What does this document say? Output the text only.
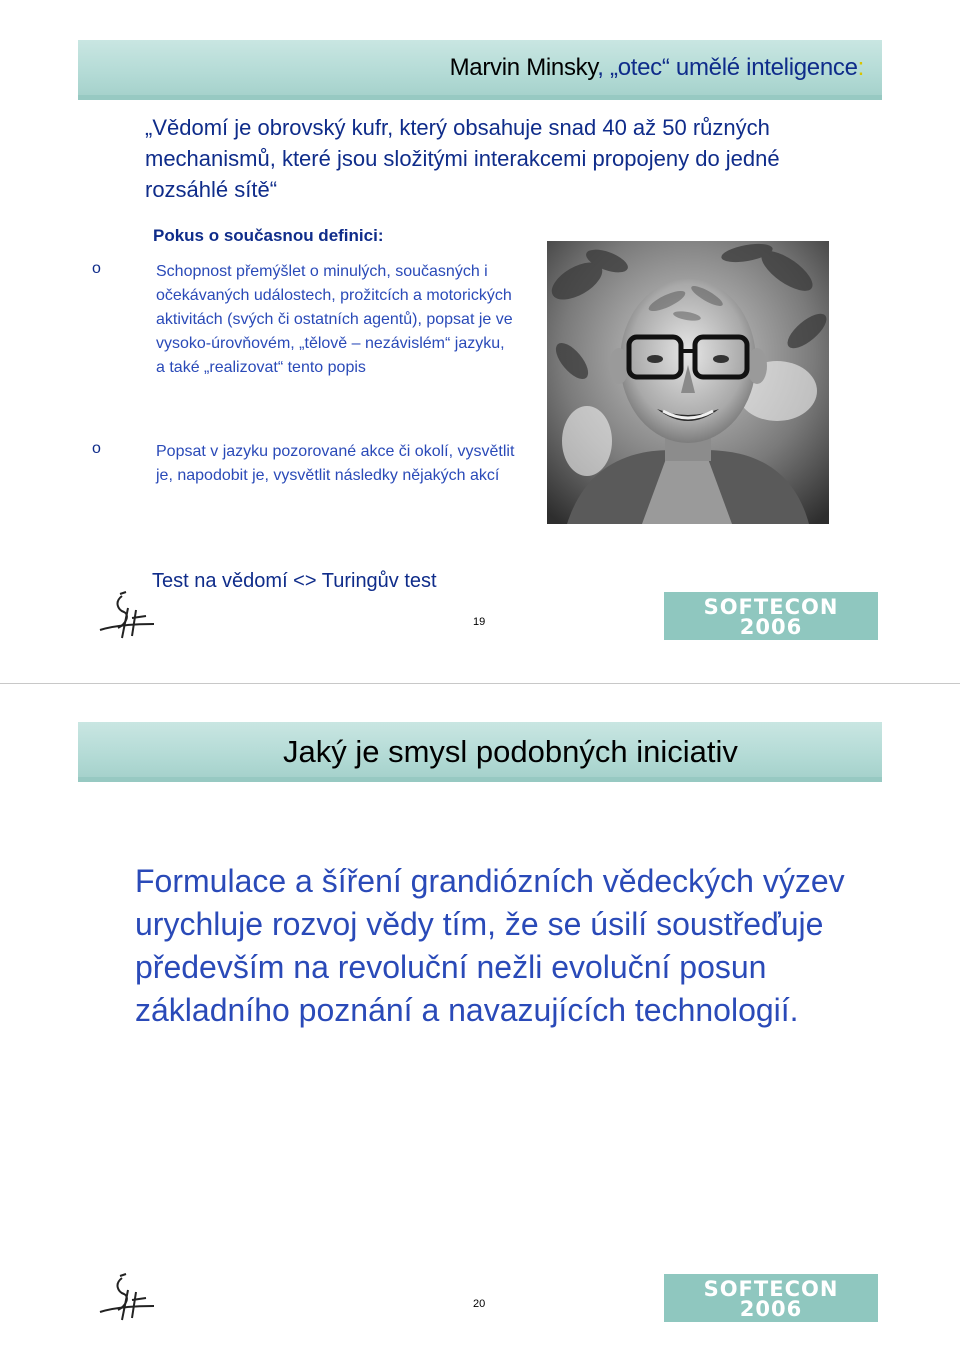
Marvin Minsky, „otec“ umělé inteligence:
„Vědomí je obrovský kufr, který obsahuje snad 40 až 50 různých mechanismů, které jsou složitými interakcemi propojeny do jedné rozsáhlé sítě“
Pokus o současnou definici:
o	Schopnost přemýšlet o minulých, současných i očekávaných událostech, prožitcích a motorických aktivitách (svých či ostatních agentů), popsat je ve vysoko-úrovňovém, „tělově – nezávislém“ jazyku, a také „realizovat“ tento popis
o	Popsat v jazyku pozorované akce či okolí, vysvětlit je, napodobit je, vysvětlit následky nějakých akcí
Test na vědomí <> Turingův test
19
SOFTECON
2006
Jaký je smysl podobných iniciativ
Formulace a šíření grandiózních vědeckých výzev urychluje rozvoj vědy tím, že se úsilí soustřeďuje především na revoluční nežli evoluční posun základního poznání a navazujících technologií.
20
SOFTECON
2006
